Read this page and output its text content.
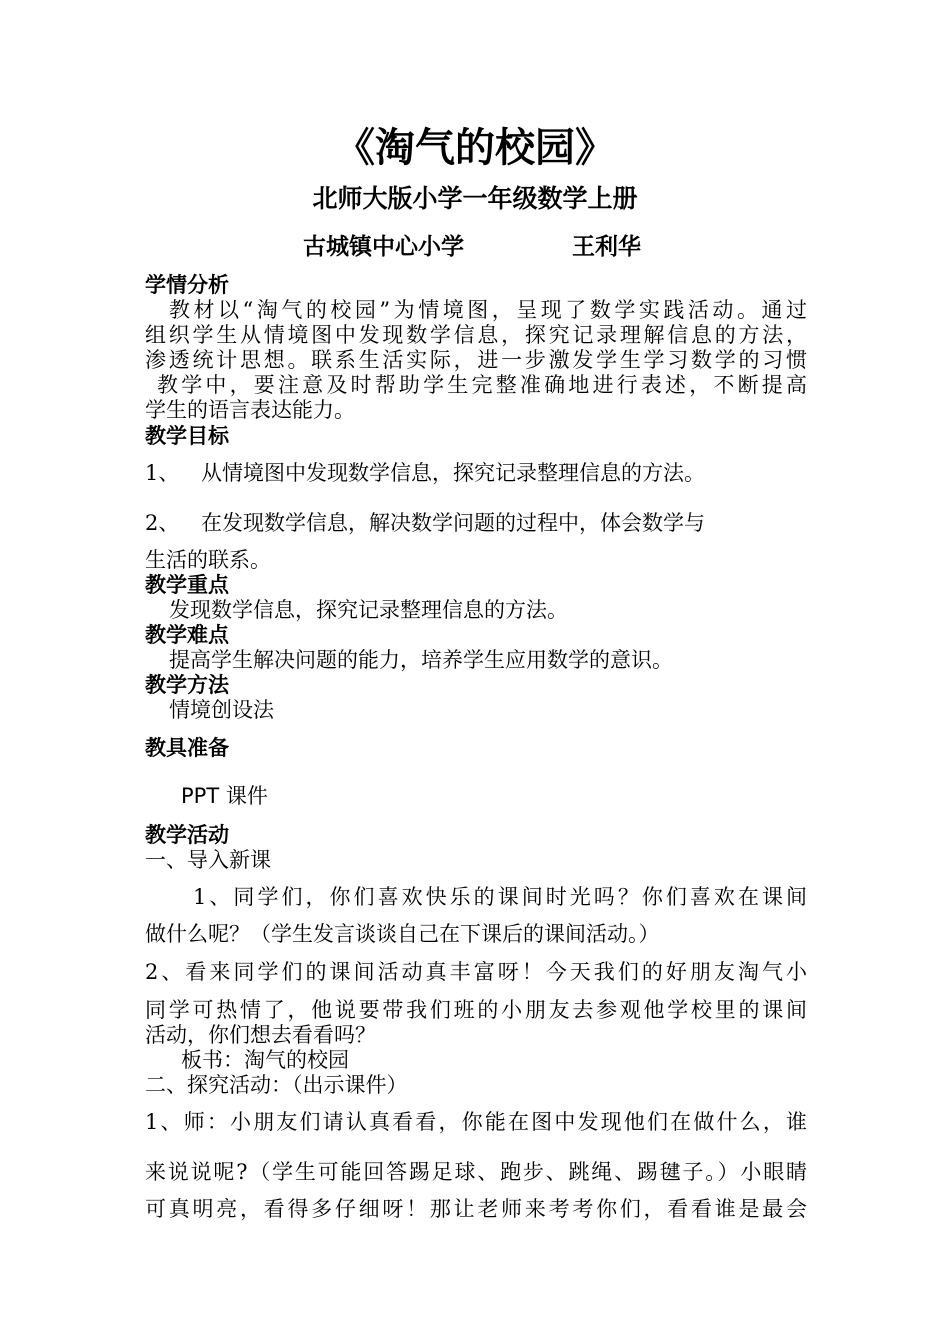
《淘气的校园》
北师大版小学一年级数学上册
古城镇中心小学	王利华
学情分析
教材以“淘气的校园”为情境图，呈现了数学实践活动。通过
组织学生从情境图中发现数学信息，探究记录理解信息的方法，
渗透统计思想。联系生活实际，进一步激发学生学习数学的习惯
教学中，要注意及时帮助学生完整准确地进行表述，不断提高
学生的语言表达能力。
教学目标
1、 从情境图中发现数学信息，探究记录整理信息的方法。
2、 在发现数学信息，解决数学问题的过程中，体会数学与
生活的联系。
教学重点
发现数学信息，探究记录整理信息的方法。
教学难点
提高学生解决问题的能力，培养学生应用数学的意识。
教学方法
情境创设法
教具准备
PPT 课件
教学活动
一、导入新课
1、同学们，你们喜欢快乐的课间时光吗？你们喜欢在课间
做什么呢？（学生发言谈谈自己在下课后的课间活动。）
2、看来同学们的课间活动真丰富呀！今天我们的好朋友淘气小
同学可热情了，他说要带我们班的小朋友去参观他学校里的课间
活动，你们想去看看吗？
板书：淘气的校园
二、探究活动：（出示课件）
1、师：小朋友们请认真看看，你能在图中发现他们在做什么，谁
来说说呢?（学生可能回答踢足球、跑步、跳绳、踢毽子。）小眼睛
可真明亮，看得多仔细呀！那让老师来考考你们，看看谁是最会
